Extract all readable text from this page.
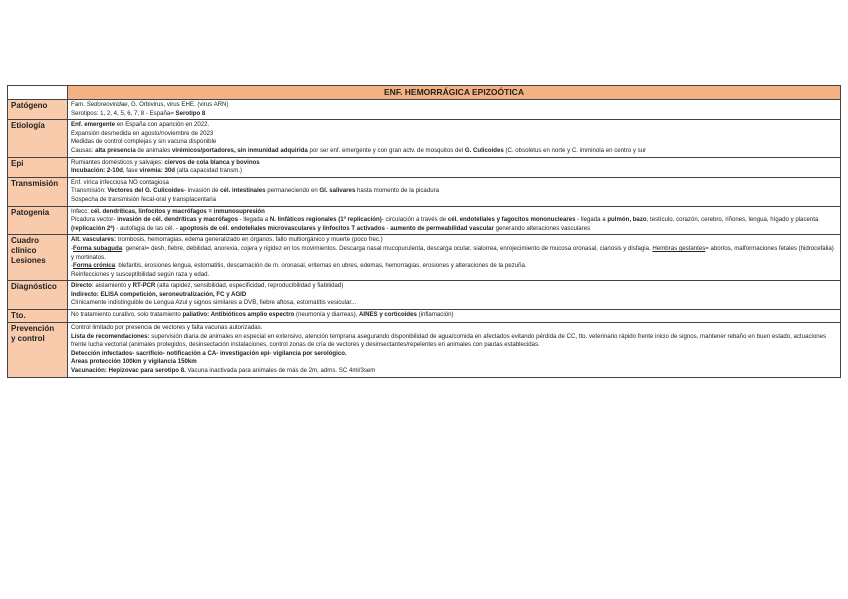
	ENF. HEMORRÁGICA EPIZOÓTICA

Patógeno	Fam. Sedoreoviridae, G. Orbivirus, virus EHE. (virus ARN)
Serotipos: 1, 2, 4, 5, 6, 7, 8 - España= Serotipo 8

Etiología	Enf. emergente en España con aparición en 2022.
Expansión desmedida en agosto/noviembre de 2023
Medidas de control complejas y sin vacuna disponible
Causas: alta presencia de animales virémicos/portadores, sin inmunidad adquirida por ser enf. emergente y con gran actv. de mosquitos del G. Culicoides (C. obsoletus en norte y C. imminola en centro y sur

Epi	Rumiantes domésticos y salvajes: ciervos de cola blanca y bovinos
Incubación: 2-10d, fase viremia: 30d (alta capacidad transm.)

Transmisión	Enf. vírica infecciosa NO contagiosa
Transmisión: Vectores del G. Culicoides- invasión de cél. intestinales permaneciendo en Gl. salivares hasta momento de la picadura
Sospecha de transmisión fecal-oral y transplacentaria

Patogenia	Infecc: cél. dendríticas, linfocitos y macrófagos = inmunosupresión
Picadura vector- invasión de cél. dendríticas y macrófagos - llegada a N. linfáticos regionales (1º replicación)- circulación a través de cél. endoteliales y fagocitos mononucleares - llegada a pulmón, bazo, testículo, corazón, cerebro, riñones, lengua, hígado y placenta (replicación 2ª) - autofagia de las cél. - apoptosis de cél. endoteliales microvasculares y linfocitos T activados - aumento de permeabilidad vascular generando alteraciones vasculares

Cuadro clínico
Lesiones	Alt. vasculares: trombosis, hemorragias, edema generalizado en órganos, fallo multiorgánico y muerte (poco frec.)
-Forma subaguda: general= desh, fiebre, debilidad, anorexia, cojera y rigidez en los movimientos. Descarga nasal mucopurulenta, descarga ocular, sialorrea, enrojecimiento de mucosa oronasal, cianosis y disfagia. Hembras gestantes= abortos, malformaciones fetales (hidrocefalia) y mortinatos.
-Forma crónica: blefaritis, erosiones lengua, estomatitis, descamación de m. oronasal, eritemas en ubres, edemas, hemorragias, erosiones y alteraciones de la pezuña.
Reinfecciones y susceptibilidad según raza y edad.

Diagnóstico	Directo: aislamiento y RT-PCR (alta rapidez, sensibilidad, especificidad, reproducibilidad y fiabilidad)
Indirecto: ELISA competición, seroneutralización, FC y AGID
Clínicamente indistinguible de Lengua Azul y signos similares a DVB, fiebre aftosa, estomatitis vesicular...

Tto.	No tratamiento curativo, solo tratamiento paliativo: Antibióticos amplio espectro (neumonía y diarreas), AINES y corticoides (inflamación)

Prevención
y control	Control limitado por presencia de vectores y falta vacunas autorizadas.
Lista de recomendaciones: supervisión diaria de animales en especial en extensivo, atención temprana asegurando disponibilidad de agua/comida en afectados evitando pérdida de CC, tto. veterinario rápido frente inicio de signos, mantener rebaño en buen estado, actuaciones frente lucha vectorial (animales protegidos, desinsectación instalaciones, control zonas de cría de vectores y desinsectantes/repelentes en animales con pautas establecidas.
Detección infectados- sacrificio- notificación a CA- investigación epi- vigilancia por serológico.
Áreas protección 100km y vigilancia 150km
Vacunación: Hepizovac para serotipo 8. Vacuna inactivada para animales de más de 2m, adms. SC 4ml/3sem
